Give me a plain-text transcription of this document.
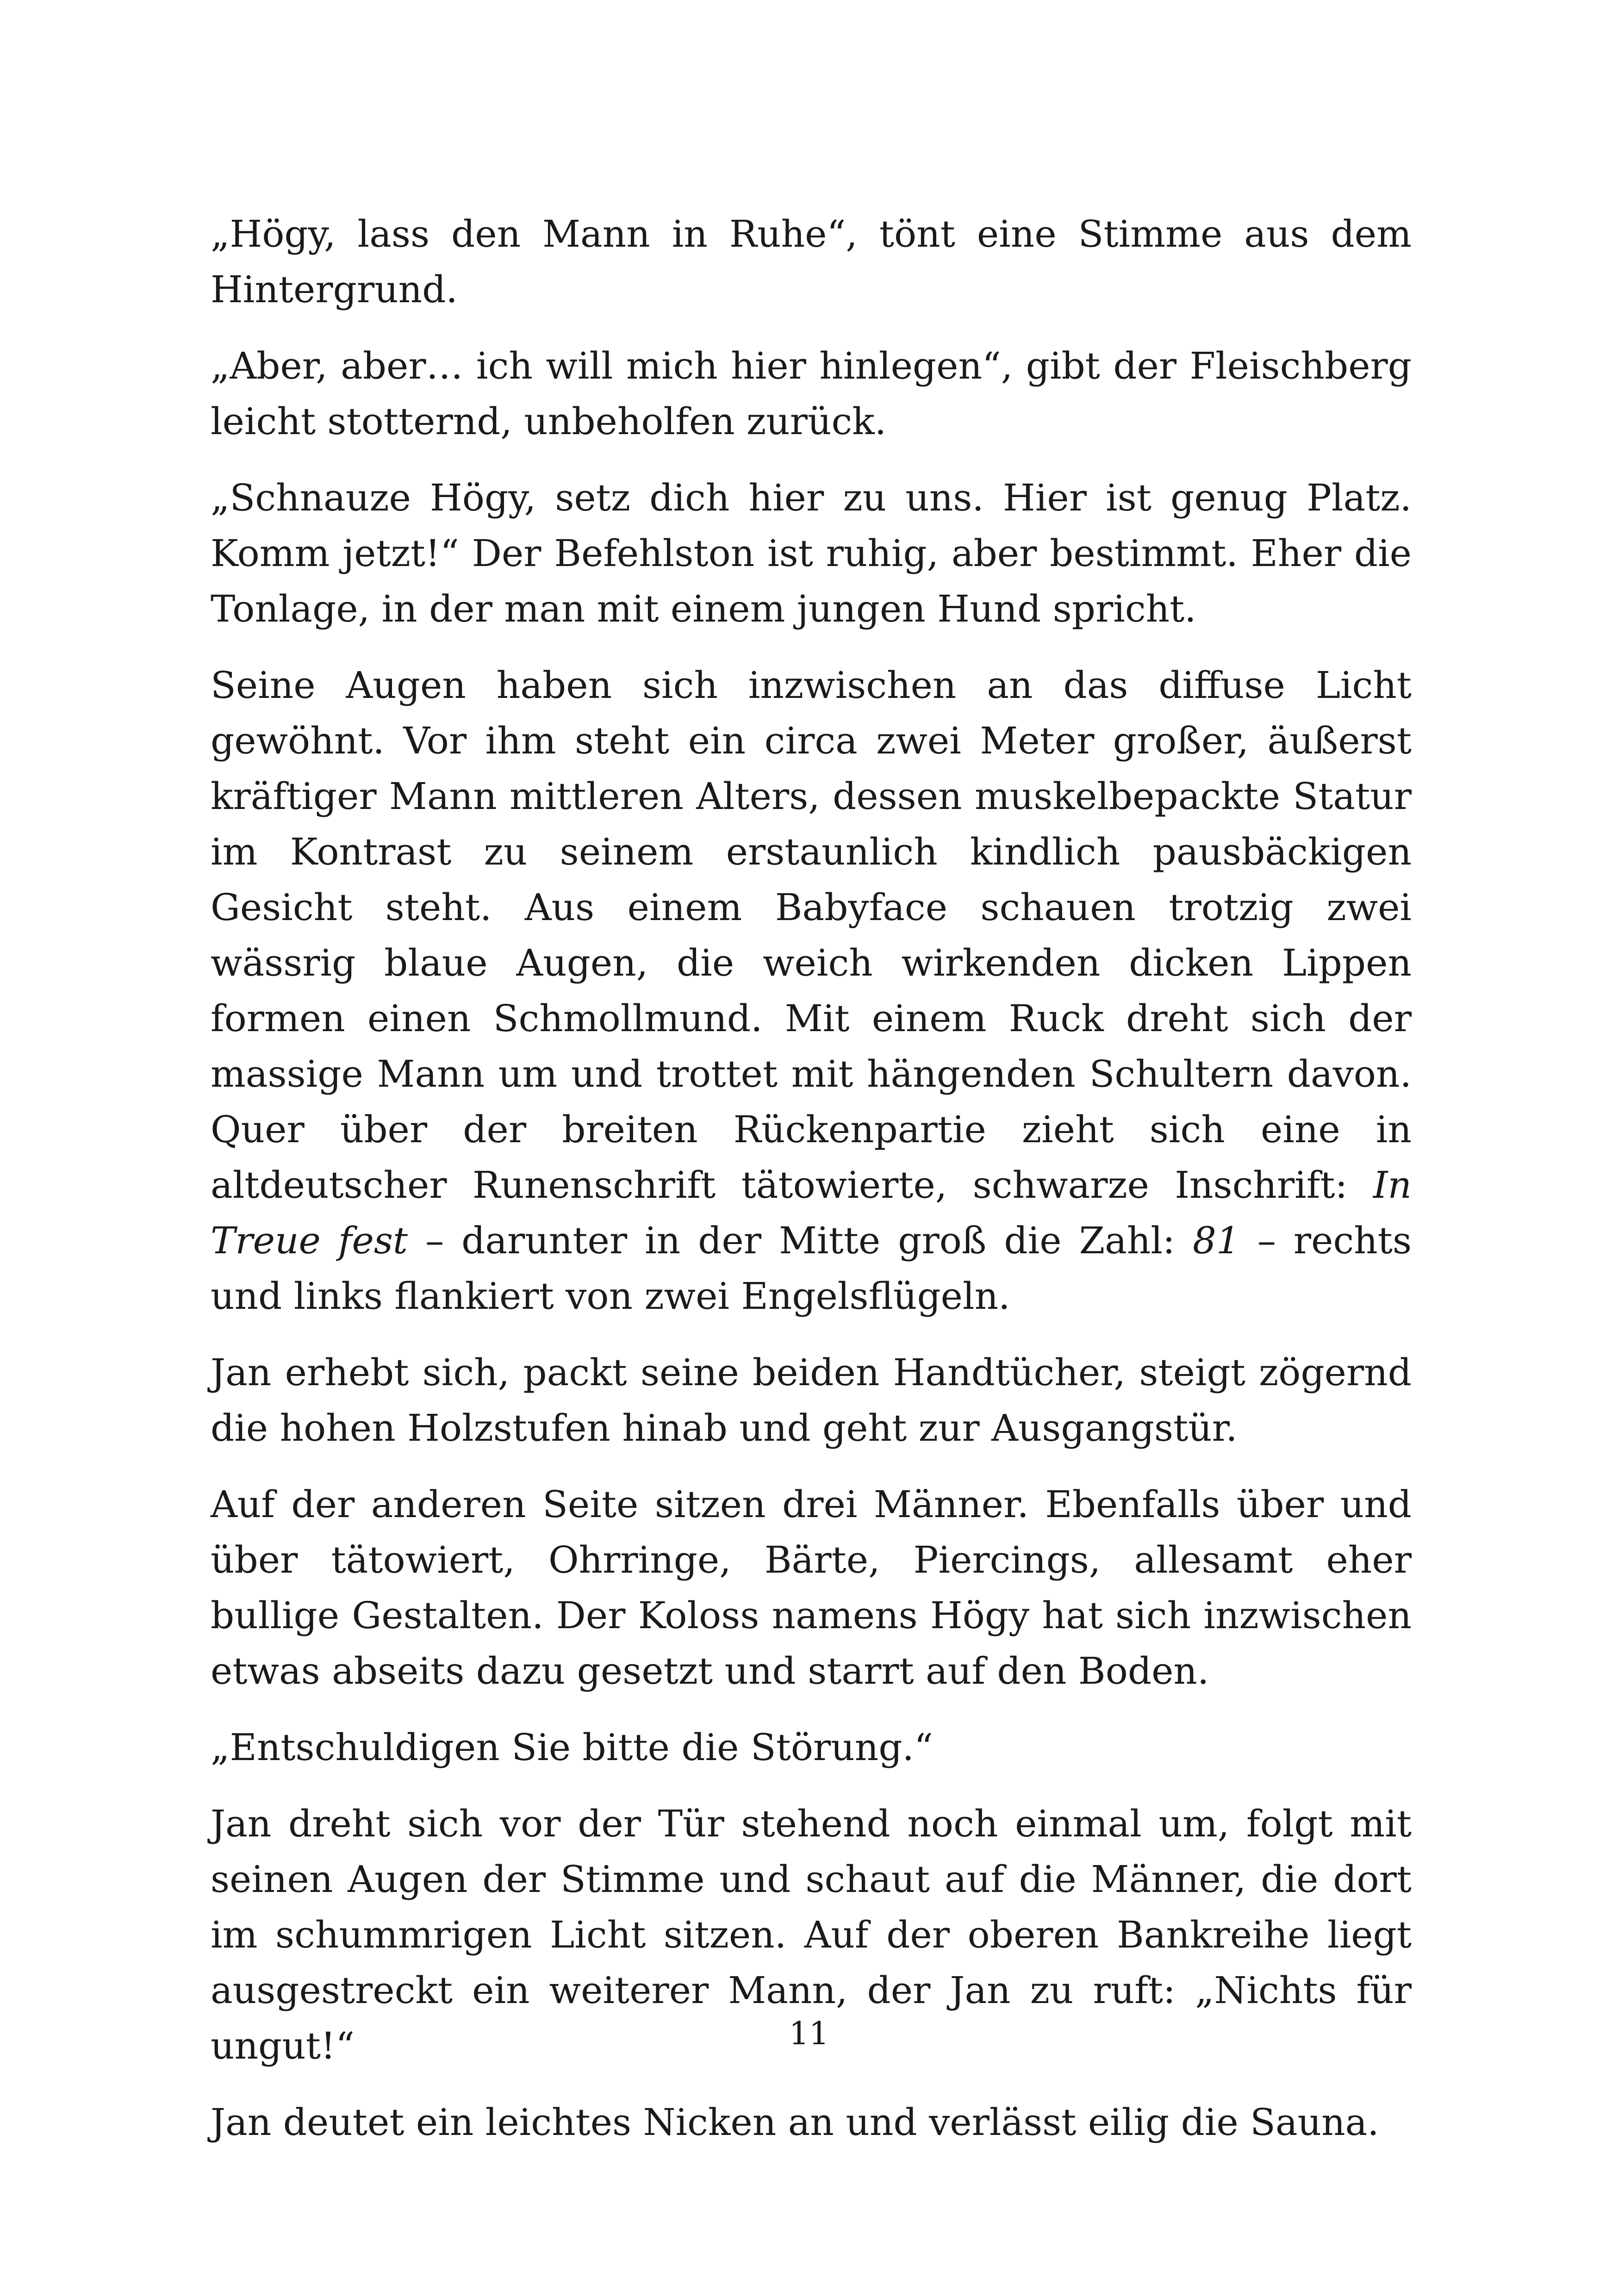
„Högy, lass den Mann in Ruhe“, tönt eine Stimme aus dem Hintergrund.

„Aber, aber… ich will mich hier hinlegen“, gibt der Fleischberg leicht stotternd, unbeholfen zurück.

„Schnauze Högy, setz dich hier zu uns. Hier ist genug Platz. Komm jetzt!“ Der Befehlston ist ruhig, aber bestimmt. Eher die Tonlage, in der man mit einem jungen Hund spricht.

Seine Augen haben sich inzwischen an das diffuse Licht gewöhnt. Vor ihm steht ein circa zwei Meter großer, äußerst kräftiger Mann mittleren Alters, dessen muskelbepackte Statur im Kontrast zu seinem erstaunlich kindlich pausbäckigen Gesicht steht. Aus einem Babyface schauen trotzig zwei wässrig blaue Augen, die weich wirkenden dicken Lippen formen einen Schmollmund. Mit einem Ruck dreht sich der massige Mann um und trottet mit hängenden Schultern davon. Quer über der breiten Rückenpartie zieht sich eine in altdeutscher Runenschrift tätowierte, schwarze Inschrift: In Treue fest – darunter in der Mitte groß die Zahl: 81 – rechts und links flankiert von zwei Engelsflügeln.

Jan erhebt sich, packt seine beiden Handtücher, steigt zögernd die hohen Holzstufen hinab und geht zur Ausgangstür.

Auf der anderen Seite sitzen drei Männer. Ebenfalls über und über tätowiert, Ohrringe, Bärte, Piercings, allesamt eher bullige Gestalten. Der Koloss namens Högy hat sich inzwischen etwas abseits dazu gesetzt und starrt auf den Boden.

„Entschuldigen Sie bitte die Störung.“

Jan dreht sich vor der Tür stehend noch einmal um, folgt mit seinen Augen der Stimme und schaut auf die Männer, die dort im schummrigen Licht sitzen. Auf der oberen Bankreihe liegt ausgestreckt ein weiterer Mann, der Jan zu ruft: „Nichts für ungut!“

Jan deutet ein leichtes Nicken an und verlässt eilig die Sauna.

11
